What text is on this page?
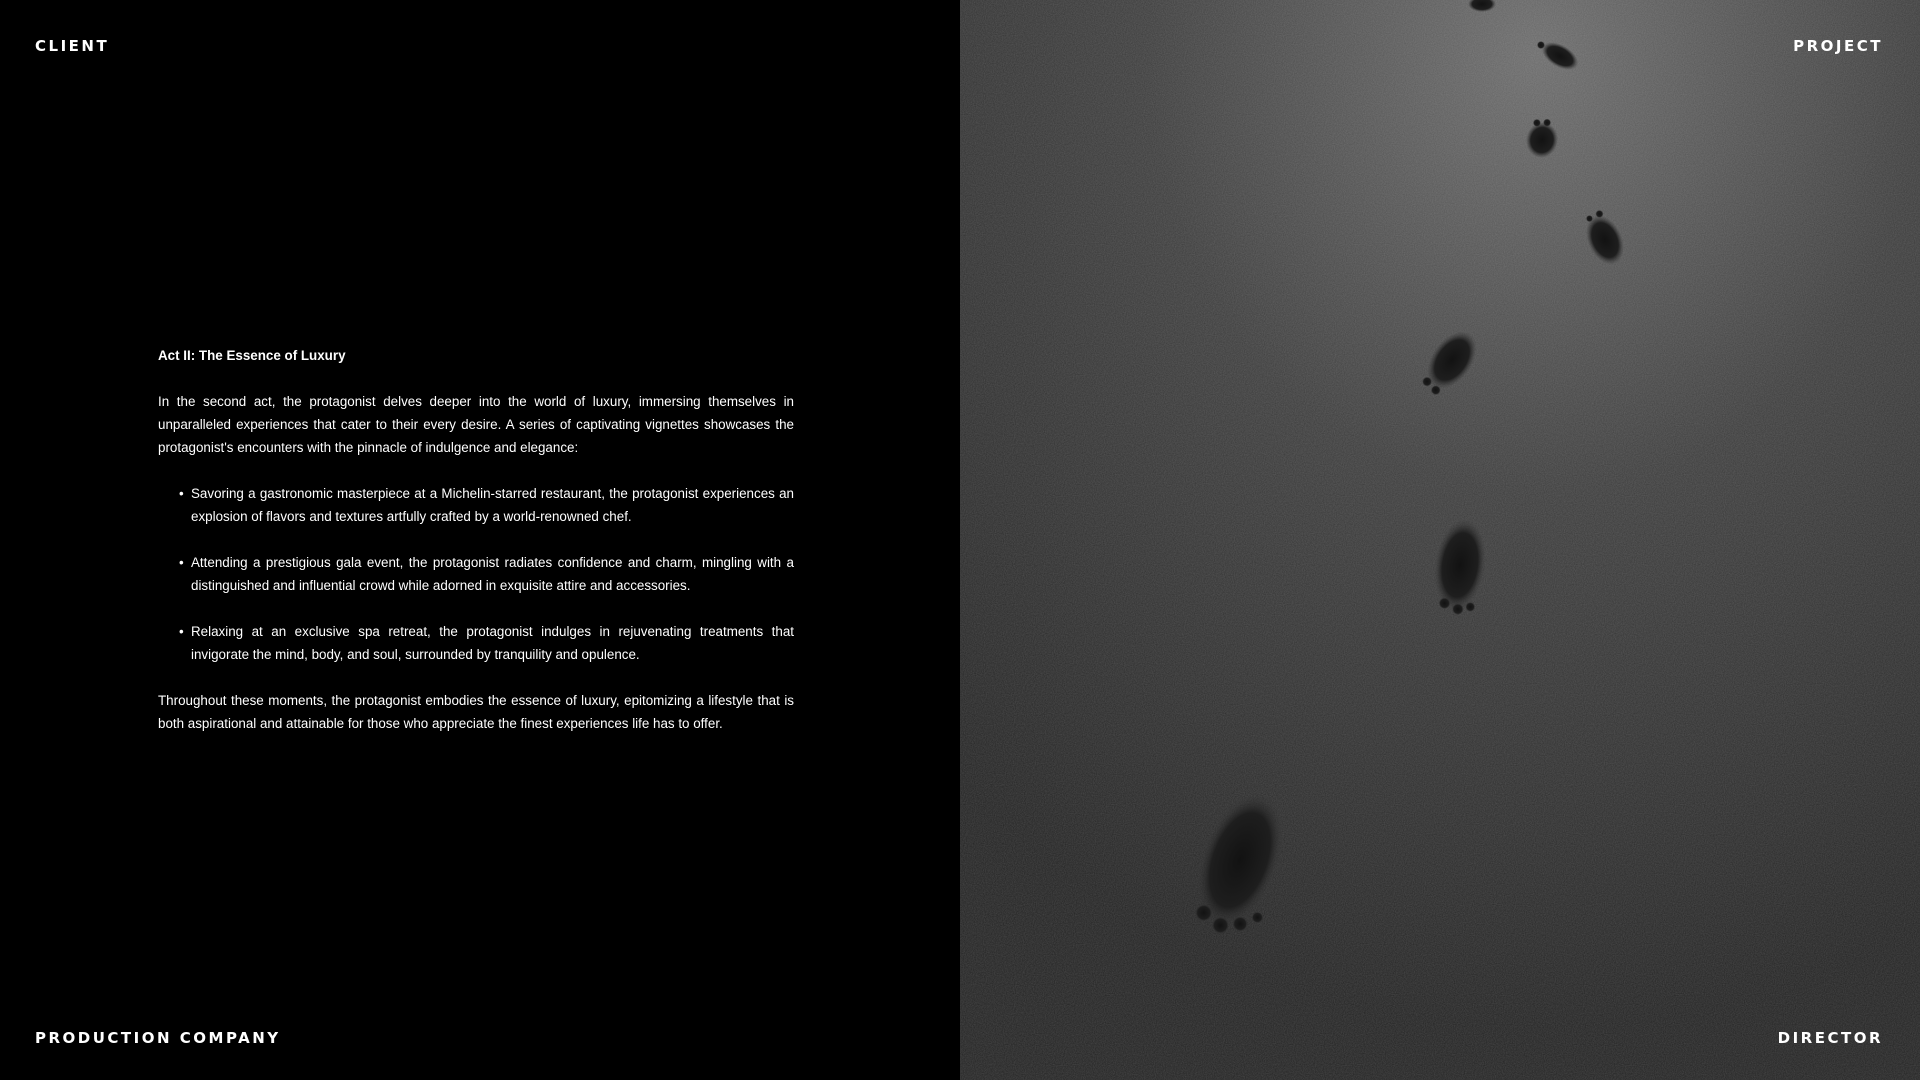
Act II: The Essence of Luxury

In the second act, the protagonist delves deeper into the world of luxury, immersing themselves in unparalleled experiences that cater to their every desire. A series of captivating vignettes showcases the protagonist's encounters with the pinnacle of indulgence and elegance:

• Savoring a gastronomic masterpiece at a Michelin-starred restaurant, the protagonist experiences an explosion of flavors and textures artfully crafted by a world-renowned chef.
• Attending a prestigious gala event, the protagonist radiates confidence and charm, mingling with a distinguished and influential crowd while adorned in exquisite attire and accessories.
• Relaxing at an exclusive spa retreat, the protagonist indulges in rejuvenating treatments that invigorate the mind, body, and soul, surrounded by tranquility and opulence.

Throughout these moments, the protagonist embodies the essence of luxury, epitomizing a lifestyle that is both aspirational and attainable for those who appreciate the finest experiences life has to offer.

CLIENT	PROJECT
PRODUCTION COMPANY	DIRECTOR
